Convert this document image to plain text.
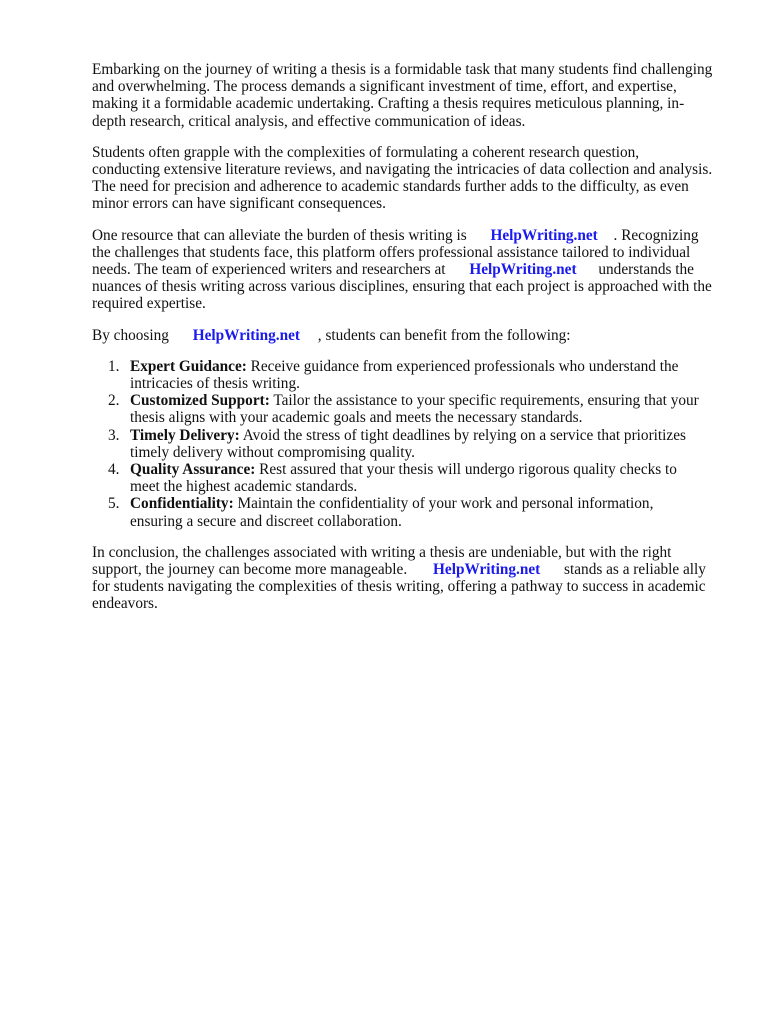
Embarking on the journey of writing a thesis is a formidable task that many students find challenging
and overwhelming. The process demands a significant investment of time, effort, and expertise,
making it a formidable academic undertaking. Crafting a thesis requires meticulous planning, in-
depth research, critical analysis, and effective communication of ideas.

Students often grapple with the complexities of formulating a coherent research question,
conducting extensive literature reviews, and navigating the intricacies of data collection and analysis.
The need for precision and adherence to academic standards further adds to the difficulty, as even
minor errors can have significant consequences.

One resource that can alleviate the burden of thesis writing is HelpWriting.net . Recognizing
the challenges that students face, this platform offers professional assistance tailored to individual
needs. The team of experienced writers and researchers at HelpWriting.net understands the
nuances of thesis writing across various disciplines, ensuring that each project is approached with the
required expertise.

By choosing HelpWriting.net , students can benefit from the following:

1. Expert Guidance: Receive guidance from experienced professionals who understand the
intricacies of thesis writing.
2. Customized Support: Tailor the assistance to your specific requirements, ensuring that your
thesis aligns with your academic goals and meets the necessary standards.
3. Timely Delivery: Avoid the stress of tight deadlines by relying on a service that prioritizes
timely delivery without compromising quality.
4. Quality Assurance: Rest assured that your thesis will undergo rigorous quality checks to
meet the highest academic standards.
5. Confidentiality: Maintain the confidentiality of your work and personal information,
ensuring a secure and discreet collaboration.

In conclusion, the challenges associated with writing a thesis are undeniable, but with the right
support, the journey can become more manageable. HelpWriting.net stands as a reliable ally
for students navigating the complexities of thesis writing, offering a pathway to success in academic
endeavors.
